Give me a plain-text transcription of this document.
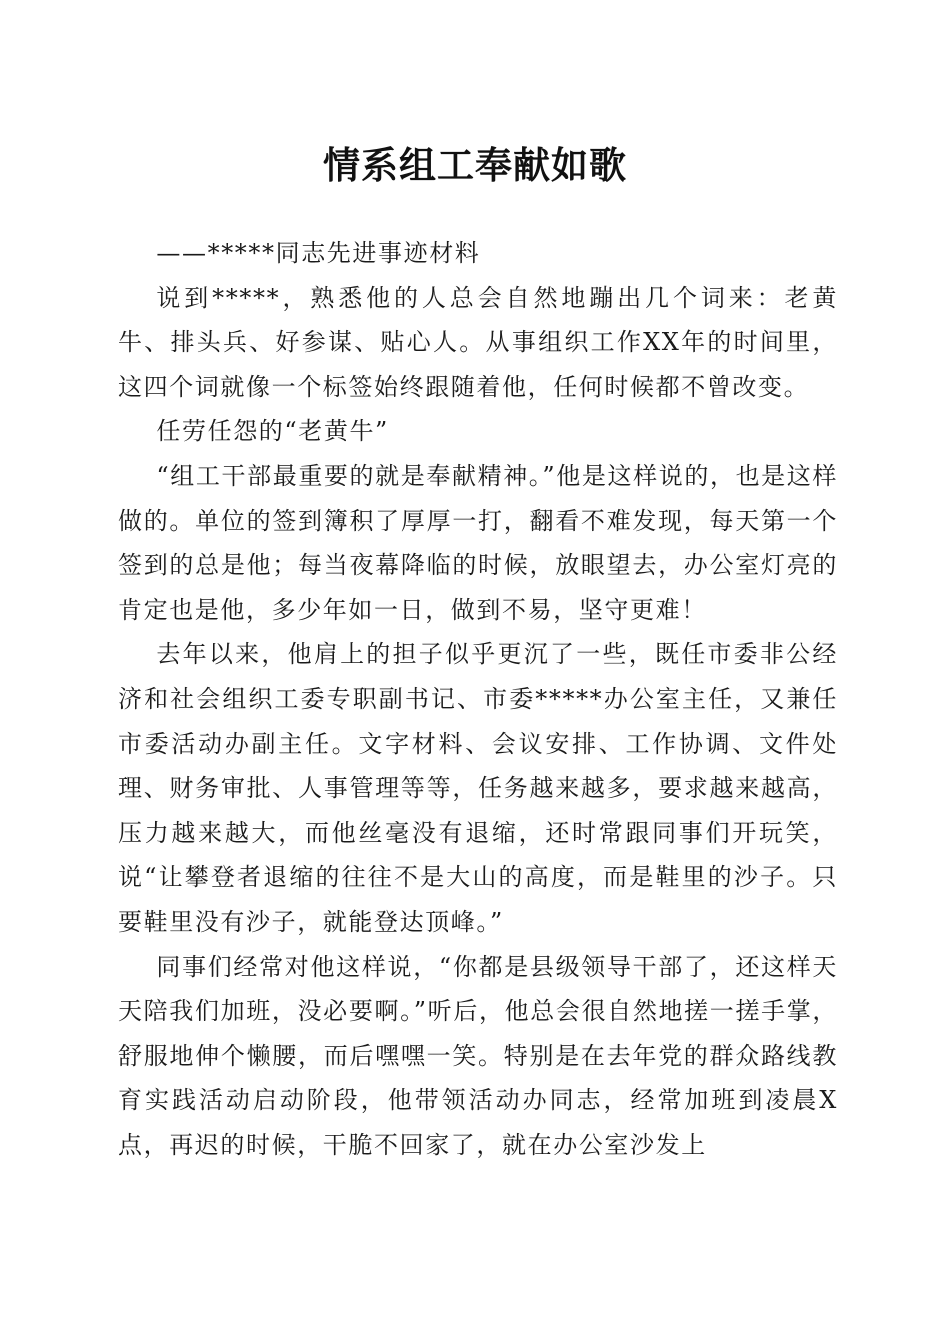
情系组工奉献如歌

——*****同志先进事迹材料

说到*****，熟悉他的人总会自然地蹦出几个词来：老黄牛、排头兵、好参谋、贴心人。从事组织工作XX年的时间里，这四个词就像一个标签始终跟随着他，任何时候都不曾改变。

任劳任怨的“老黄牛”

“组工干部最重要的就是奉献精神。”他是这样说的，也是这样做的。单位的签到簿积了厚厚一打，翻看不难发现，每天第一个签到的总是他；每当夜幕降临的时候，放眼望去，办公室灯亮的肯定也是他，多少年如一日，做到不易，坚守更难！

去年以来，他肩上的担子似乎更沉了一些，既任市委非公经济和社会组织工委专职副书记、市委*****办公室主任，又兼任市委活动办副主任。文字材料、会议安排、工作协调、文件处理、财务审批、人事管理等等，任务越来越多，要求越来越高，压力越来越大，而他丝毫没有退缩，还时常跟同事们开玩笑，说“让攀登者退缩的往往不是大山的高度，而是鞋里的沙子。只要鞋里没有沙子，就能登达顶峰。”

同事们经常对他这样说，“你都是县级领导干部了，还这样天天陪我们加班，没必要啊。”听后，他总会很自然地搓一搓手掌，舒服地伸个懒腰，而后嘿嘿一笑。特别是在去年党的群众路线教育实践活动启动阶段，他带领活动办同志，经常加班到凌晨X点，再迟的时候，干脆不回家了，就在办公室沙发上
